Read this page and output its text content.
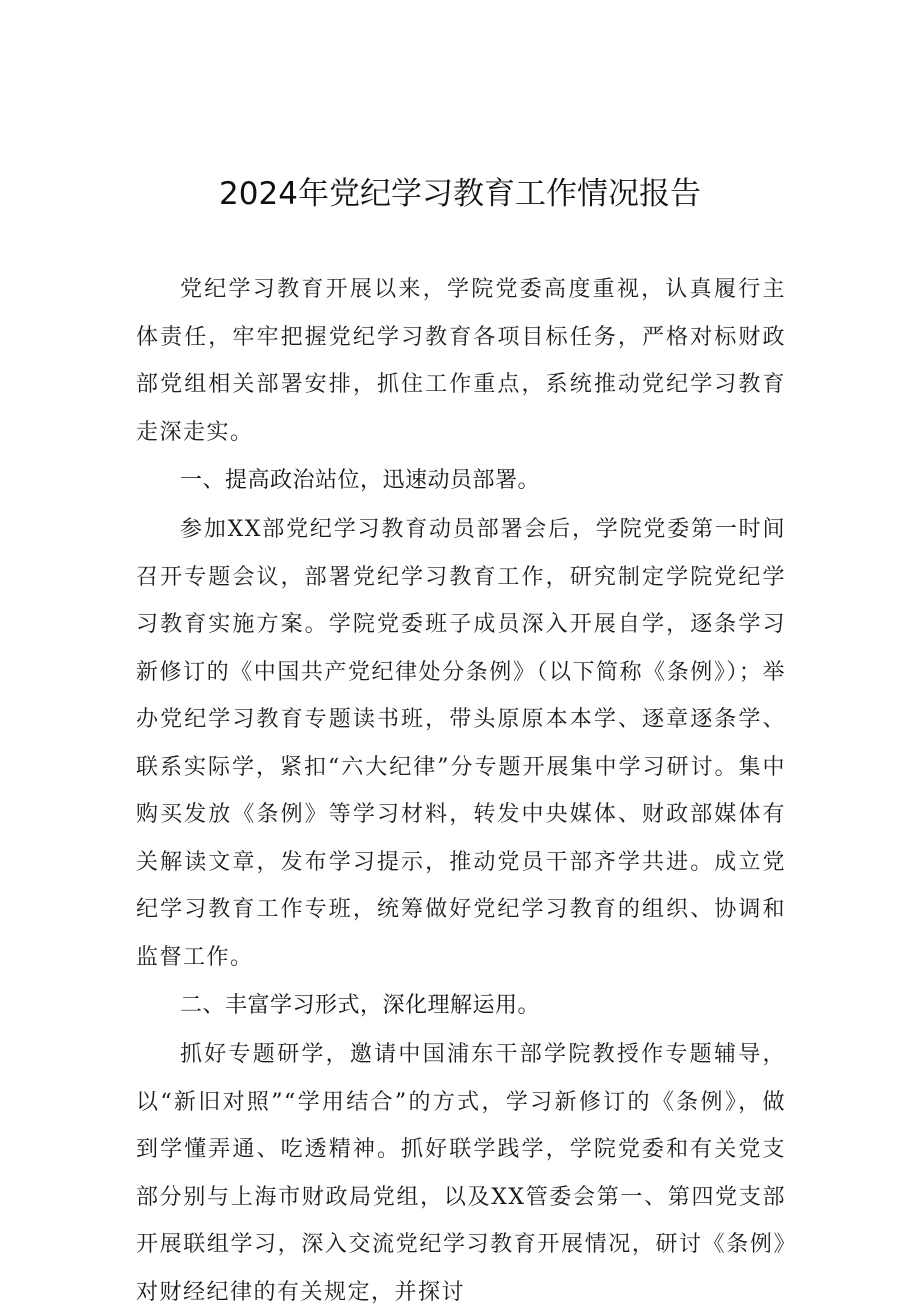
2024年党纪学习教育工作情况报告

党纪学习教育开展以来，学院党委高度重视，认真履行主体责任，牢牢把握党纪学习教育各项目标任务，严格对标财政部党组相关部署安排，抓住工作重点，系统推动党纪学习教育走深走实。

一、提高政治站位，迅速动员部署。

参加XX部党纪学习教育动员部署会后，学院党委第一时间召开专题会议，部署党纪学习教育工作，研究制定学院党纪学习教育实施方案。学院党委班子成员深入开展自学，逐条学习新修订的《中国共产党纪律处分条例》（以下简称《条例》）；举办党纪学习教育专题读书班，带头原原本本学、逐章逐条学、联系实际学，紧扣“六大纪律”分专题开展集中学习研讨。集中购买发放《条例》等学习材料，转发中央媒体、财政部媒体有关解读文章，发布学习提示，推动党员干部齐学共进。成立党纪学习教育工作专班，统筹做好党纪学习教育的组织、协调和监督工作。

二、丰富学习形式，深化理解运用。

抓好专题研学，邀请中国浦东干部学院教授作专题辅导，以“新旧对照”“学用结合”的方式，学习新修订的《条例》，做到学懂弄通、吃透精神。抓好联学践学，学院党委和有关党支部分别与上海市财政局党组，以及XX管委会第一、第四党支部开展联组学习，深入交流党纪学习教育开展情况，研讨《条例》对财经纪律的有关规定，并探讨
